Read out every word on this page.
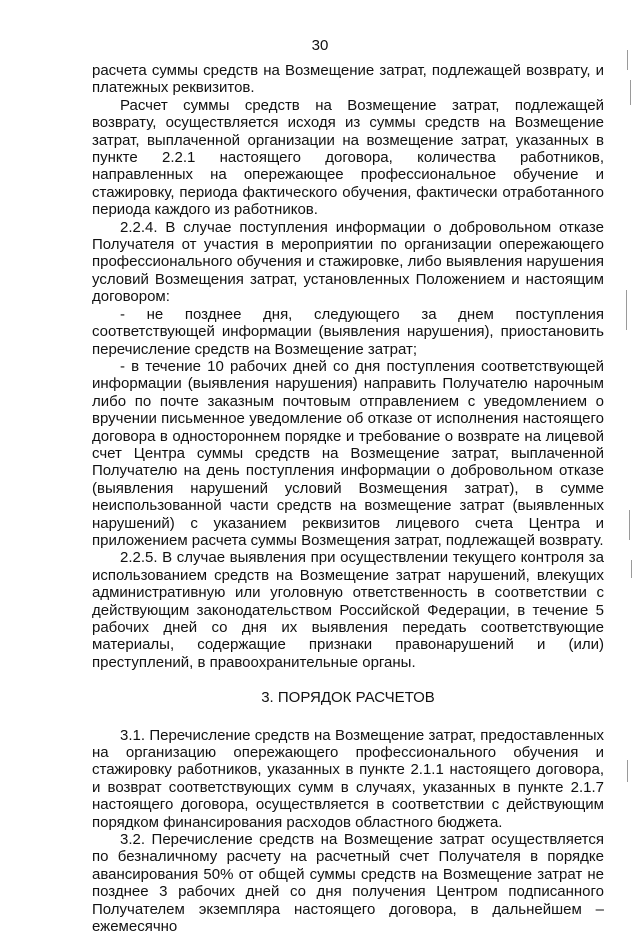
30

расчета суммы средств на Возмещение затрат, подлежащей возврату, и платежных реквизитов.

Расчет суммы средств на Возмещение затрат, подлежащей возврату, осуществляется исходя из суммы средств на Возмещение затрат, выплаченной организации на возмещение затрат, указанных в пункте 2.2.1 настоящего договора, количества работников, направленных на опережающее профессиональное обучение и стажировку, периода фактического обучения, фактически отработанного периода каждого из работников.

2.2.4. В случае поступления информации о добровольном отказе Получателя от участия в мероприятии по организации опережающего профессионального обучения и стажировке, либо выявления нарушения условий Возмещения затрат, установленных Положением и настоящим договором:

- не позднее дня, следующего за днем поступления соответствующей информации (выявления нарушения), приостановить перечисление средств на Возмещение затрат;

- в течение 10 рабочих дней со дня поступления соответствующей информации (выявления нарушения) направить Получателю нарочным либо по почте заказным почтовым отправлением с уведомлением о вручении письменное уведомление об отказе от исполнения настоящего договора в одностороннем порядке и требование о возврате на лицевой счет Центра суммы средств на Возмещение затрат, выплаченной Получателю на день поступления информации о добровольном отказе (выявления нарушений условий Возмещения затрат), в сумме неиспользованной части средств на возмещение затрат (выявленных нарушений) с указанием реквизитов лицевого счета Центра и приложением расчета суммы Возмещения затрат, подлежащей возврату.

2.2.5. В случае выявления при осуществлении текущего контроля за использованием средств на Возмещение затрат нарушений, влекущих административную или уголовную ответственность в соответствии с действующим законодательством Российской Федерации, в течение 5 рабочих дней со дня их выявления передать соответствующие материалы, содержащие признаки правонарушений и (или) преступлений, в правоохранительные органы.

3. ПОРЯДОК РАСЧЕТОВ

3.1. Перечисление средств на Возмещение затрат, предоставленных на организацию опережающего профессионального обучения и стажировку работников, указанных в пункте 2.1.1 настоящего договора, и возврат соответствующих сумм в случаях, указанных в пункте 2.1.7 настоящего договора, осуществляется в соответствии с действующим порядком финансирования расходов областного бюджета.

3.2. Перечисление средств на Возмещение затрат осуществляется по безналичному расчету на расчетный счет Получателя в порядке авансирования 50% от общей суммы средств на Возмещение затрат не позднее 3 рабочих дней со дня получения Центром подписанного Получателем экземпляра настоящего договора, в дальнейшем – ежемесячно
